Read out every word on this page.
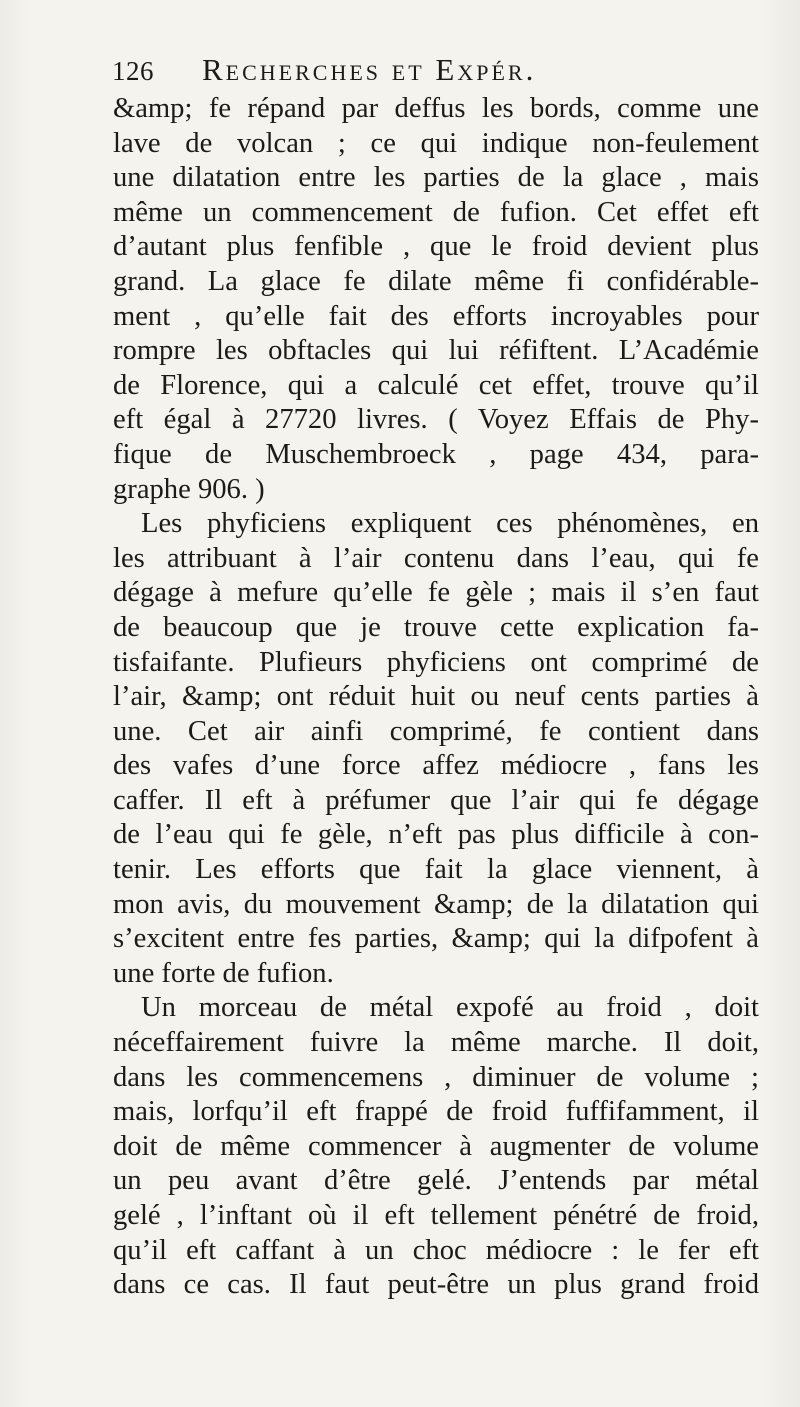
126 Recherches et Expér.
&amp; fe répand par deffus les bords, comme une
lave de volcan ; ce qui indique non-feulement
une dilatation entre les parties de la glace , mais
même un commencement de fufion. Cet effet eft
d’autant plus fenfible , que le froid devient plus
grand. La glace fe dilate même fi confidérable-
ment , qu’elle fait des efforts incroyables pour
rompre les obftacles qui lui réfiftent. L’Académie
de Florence, qui a calculé cet effet, trouve qu’il
eft égal à 27720 livres. ( Voyez Effais de Phy-
fique de Muschembroeck , page 434, para-
graphe 906. )
Les phyficiens expliquent ces phénomènes, en
les attribuant à l’air contenu dans l’eau, qui fe
dégage à mefure qu’elle fe gèle ; mais il s’en faut
de beaucoup que je trouve cette explication fa-
tisfaifante. Plufieurs phyficiens ont comprimé de
l’air, &amp; ont réduit huit ou neuf cents parties à
une. Cet air ainfi comprimé, fe contient dans
des vafes d’une force affez médiocre , fans les
caffer. Il eft à préfumer que l’air qui fe dégage
de l’eau qui fe gèle, n’eft pas plus difficile à con-
tenir. Les efforts que fait la glace viennent, à
mon avis, du mouvement &amp; de la dilatation qui
s’excitent entre fes parties, &amp; qui la difpofent à
une forte de fufion.
Un morceau de métal expofé au froid , doit
néceffairement fuivre la même marche. Il doit,
dans les commencemens , diminuer de volume ;
mais, lorfqu’il eft frappé de froid fuffifamment, il
doit de même commencer à augmenter de volume
un peu avant d’être gelé. J’entends par métal
gelé , l’inftant où il eft tellement pénétré de froid,
qu’il eft caffant à un choc médiocre : le fer eft
dans ce cas. Il faut peut-être un plus grand froid
